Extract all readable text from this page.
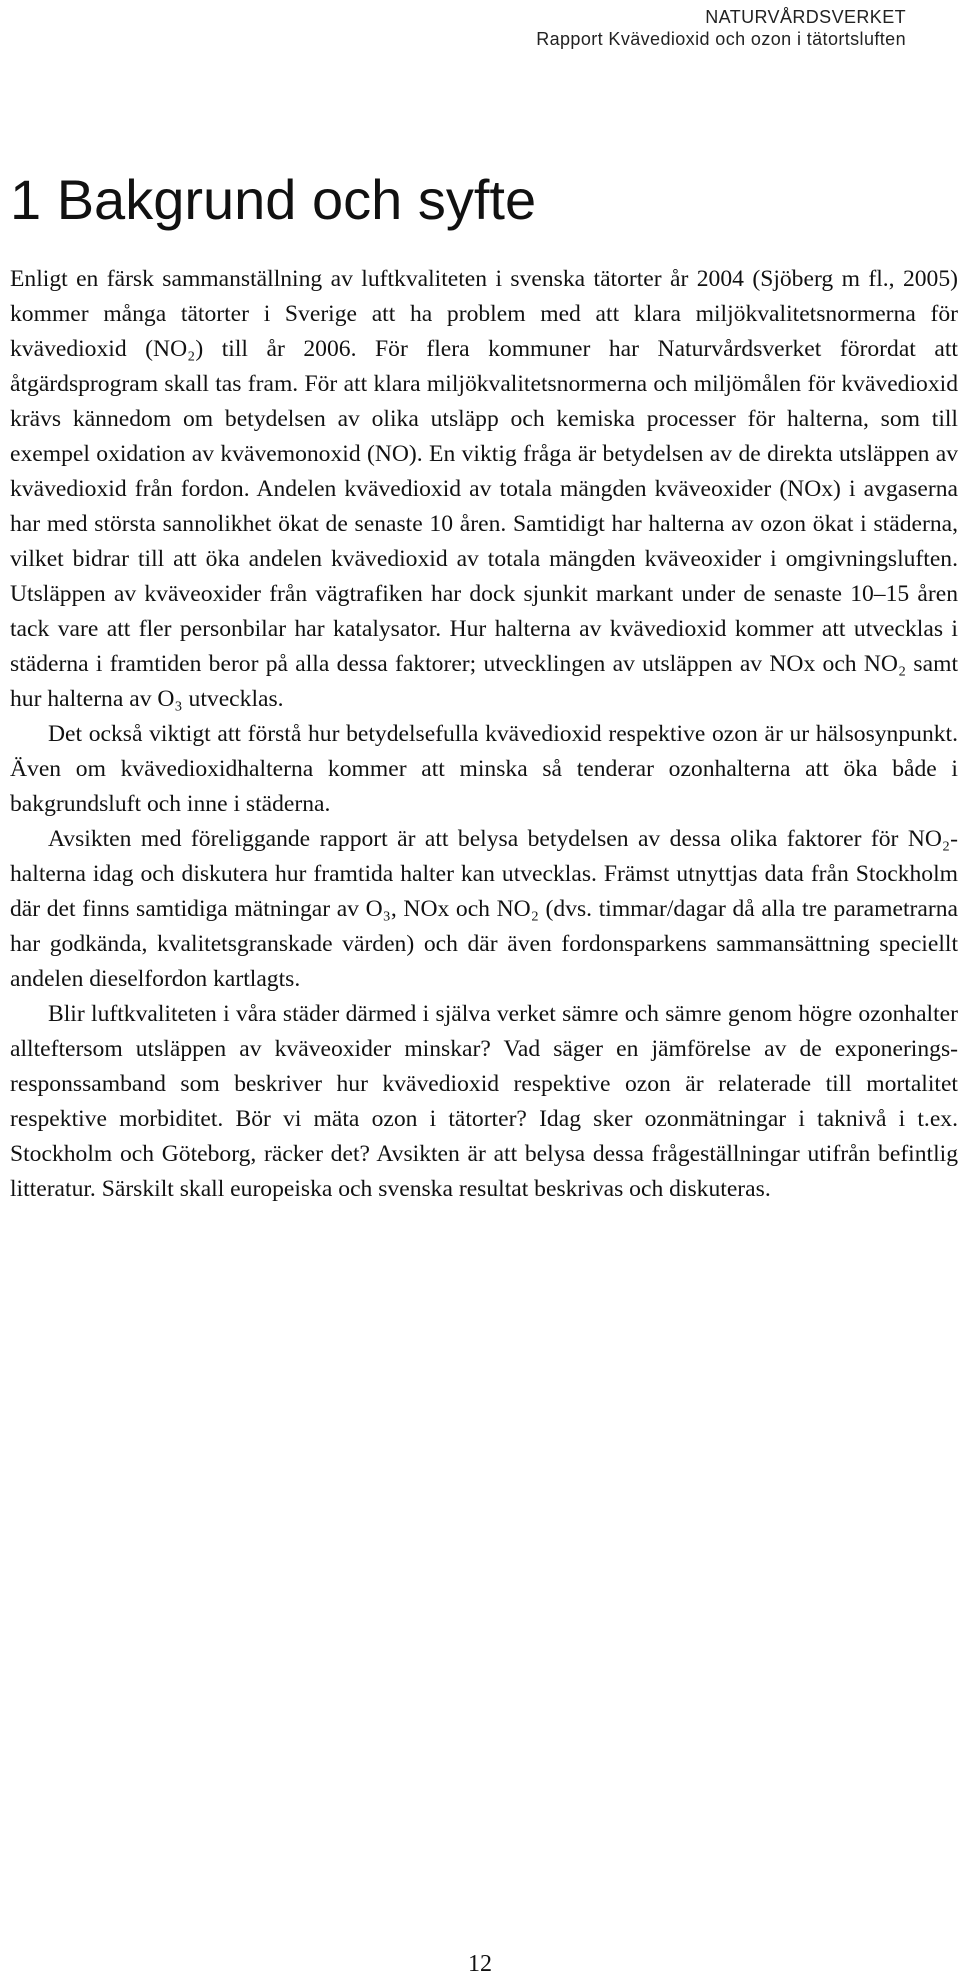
NATURVÅRDSVERKET
Rapport Kvävedioxid och ozon i tätortsluften
1 Bakgrund och syfte

Enligt en färsk sammanställning av luftkvaliteten i svenska tätorter år 2004 (Sjöberg m fl., 2005) kommer många tätorter i Sverige att ha problem med att klara miljökvalitetsnormerna för kvävedioxid (NO₂) till år 2006. För flera kommuner har Naturvårdsverket förordat att åtgärdsprogram skall tas fram. För att klara miljökvalitetsnormerna och miljömålen för kvävedioxid krävs kännedom om betydelsen av olika utsläpp och kemiska processer för halterna, som till exempel oxidation av kvävemonoxid (NO). En viktig fråga är betydelsen av de direkta utsläppen av kvävedioxid från fordon. Andelen kvävedioxid av totala mängden kväveoxider (NOx) i avgaserna har med största sannolikhet ökat de senaste 10 åren. Samtidigt har halterna av ozon ökat i städerna, vilket bidrar till att öka andelen kvävedioxid av totala mängden kväveoxider i omgivningsluften. Utsläppen av kväveoxider från vägtrafiken har dock sjunkit markant under de senaste 10–15 åren tack vare att fler personbilar har katalysator. Hur halterna av kvävedioxid kommer att utvecklas i städerna i framtiden beror på alla dessa faktorer; utvecklingen av utsläppen av NOx och NO₂ samt hur halterna av O₃ utvecklas.

Det också viktigt att förstå hur betydelsefulla kvävedioxid respektive ozon är ur hälsosynpunkt. Även om kvävedioxidhalterna kommer att minska så tenderar ozonhalterna att öka både i bakgrundsluft och inne i städerna.

Avsikten med föreliggande rapport är att belysa betydelsen av dessa olika faktorer för NO₂-halterna idag och diskutera hur framtida halter kan utvecklas. Främst utnyttjas data från Stockholm där det finns samtidiga mätningar av O₃, NOx och NO₂ (dvs. timmar/dagar då alla tre parametrarna har godkända, kvalitetsgranskade värden) och där även fordonsparkens sammansättning speciellt andelen dieselfordon kartlagts.

Blir luftkvaliteten i våra städer därmed i själva verket sämre och sämre genom högre ozonhalter allteftersom utsläppen av kväveoxider minskar? Vad säger en jämförelse av de exponerings-responssamband som beskriver hur kvävedioxid respektive ozon är relaterade till mortalitet respektive morbiditet. Bör vi mäta ozon i tätorter? Idag sker ozonmätningar i taknivå i t.ex. Stockholm och Göteborg, räcker det? Avsikten är att belysa dessa frågeställningar utifrån befintlig litteratur. Särskilt skall europeiska och svenska resultat beskrivas och diskuteras.

12
